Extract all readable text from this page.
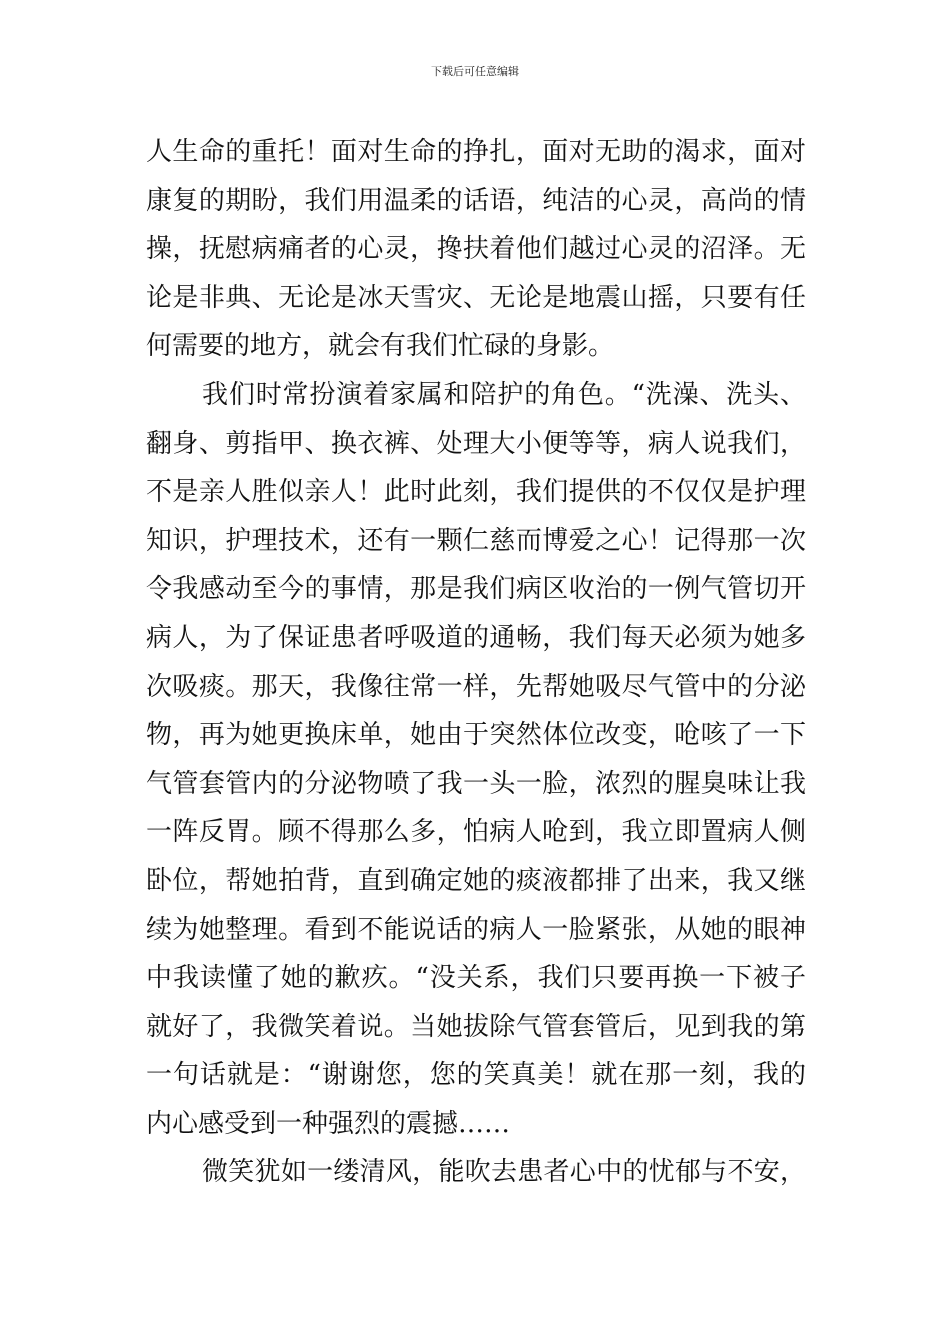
下载后可任意编辑
人生命的重托！面对生命的挣扎，面对无助的渴求，面对
康复的期盼，我们用温柔的话语，纯洁的心灵，高尚的情
操，抚慰病痛者的心灵，搀扶着他们越过心灵的沼泽。无
论是非典、无论是冰天雪灾、无论是地震山摇，只要有任
何需要的地方，就会有我们忙碌的身影。
我们时常扮演着家属和陪护的角色。“洗澡、洗头、
翻身、剪指甲、换衣裤、处理大小便等等，病人说我们，
不是亲人胜似亲人！此时此刻，我们提供的不仅仅是护理
知识，护理技术，还有一颗仁慈而博爱之心！记得那一次
令我感动至今的事情，那是我们病区收治的一例气管切开
病人，为了保证患者呼吸道的通畅，我们每天必须为她多
次吸痰。那天，我像往常一样，先帮她吸尽气管中的分泌
物，再为她更换床单，她由于突然体位改变，呛咳了一下
气管套管内的分泌物喷了我一头一脸，浓烈的腥臭味让我
一阵反胃。顾不得那么多，怕病人呛到，我立即置病人侧
卧位，帮她拍背，直到确定她的痰液都排了出来，我又继
续为她整理。看到不能说话的病人一脸紧张，从她的眼神
中我读懂了她的歉疚。“没关系，我们只要再换一下被子
就好了，我微笑着说。当她拔除气管套管后，见到我的第
一句话就是：“谢谢您，您的笑真美！就在那一刻，我的
内心感受到一种强烈的震撼……
微笑犹如一缕清风，能吹去患者心中的忧郁与不安，
